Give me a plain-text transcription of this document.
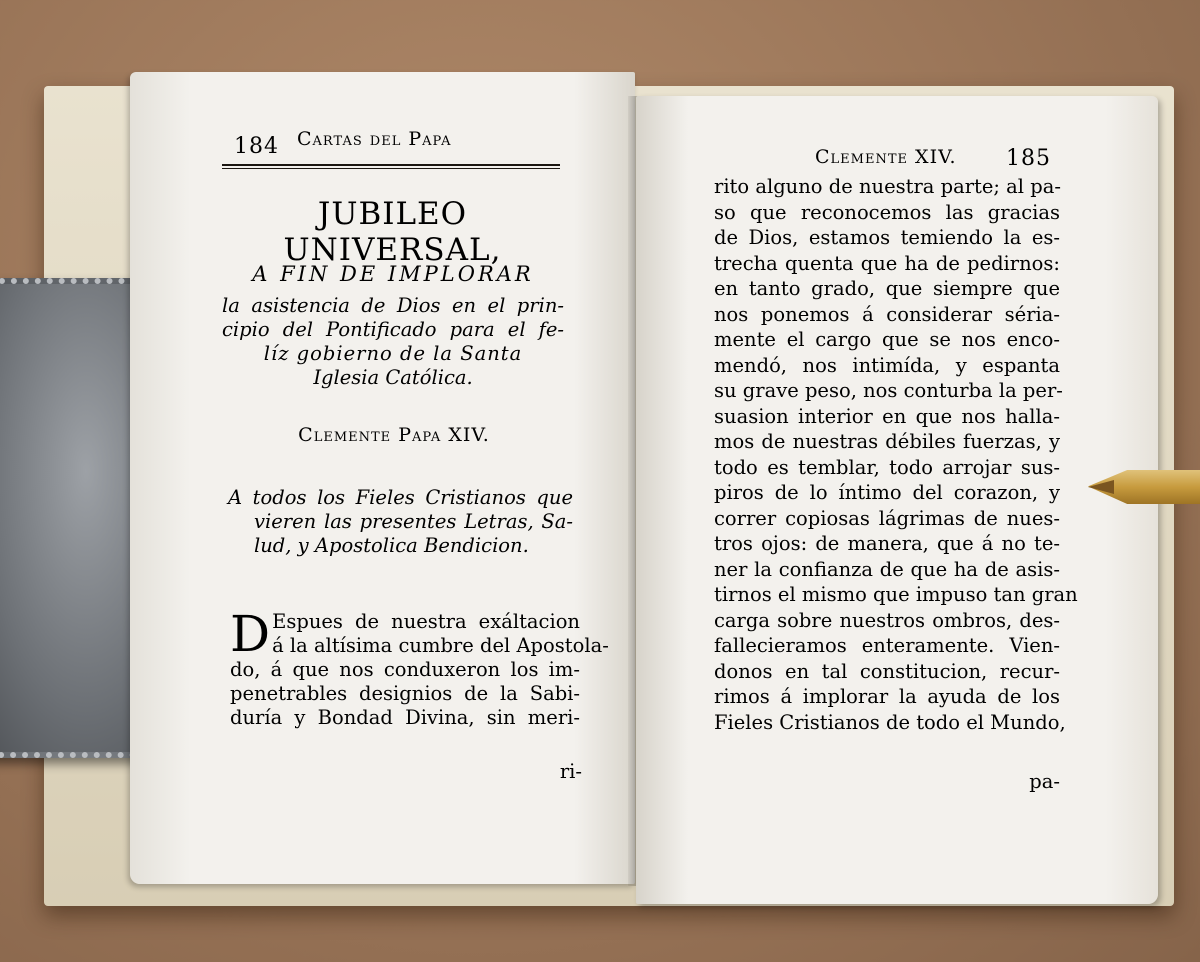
184 Cartas del Papa
JUBILEO UNIVERSAL,
A FIN DE IMPLORAR
la asistencia de Dios en el prin-
cipio del Pontificado para el fe-
líz gobierno de la Santa
Iglesia Católica.
Clemente Papa XIV.
A todos los Fieles Cristianos que
vieren las presentes Letras, Sa-
lud, y Apostolica Bendicion.
D Espues de nuestra exáltacion
á la altísima cumbre del Apostola-
do, á que nos conduxeron los im-
penetrables designios de la Sabi-
duría y Bondad Divina, sin meri-
ri-
Clemente XIV. 185
rito alguno de nuestra parte; al pa-
so que reconocemos las gracias
de Dios, estamos temiendo la es-
trecha quenta que ha de pedirnos:
en tanto grado, que siempre que
nos ponemos á considerar séria-
mente el cargo que se nos enco-
mendó, nos intimída, y espanta
su grave peso, nos conturba la per-
suasion interior en que nos halla-
mos de nuestras débiles fuerzas, y
todo es temblar, todo arrojar sus-
piros de lo íntimo del corazon, y
correr copiosas lágrimas de nues-
tros ojos: de manera, que á no te-
ner la confianza de que ha de asis-
tirnos el mismo que impuso tan gran
carga sobre nuestros ombros, des-
fallecieramos enteramente. Vien-
donos en tal constitucion, recur-
rimos á implorar la ayuda de los
Fieles Cristianos de todo el Mundo,
pa-
